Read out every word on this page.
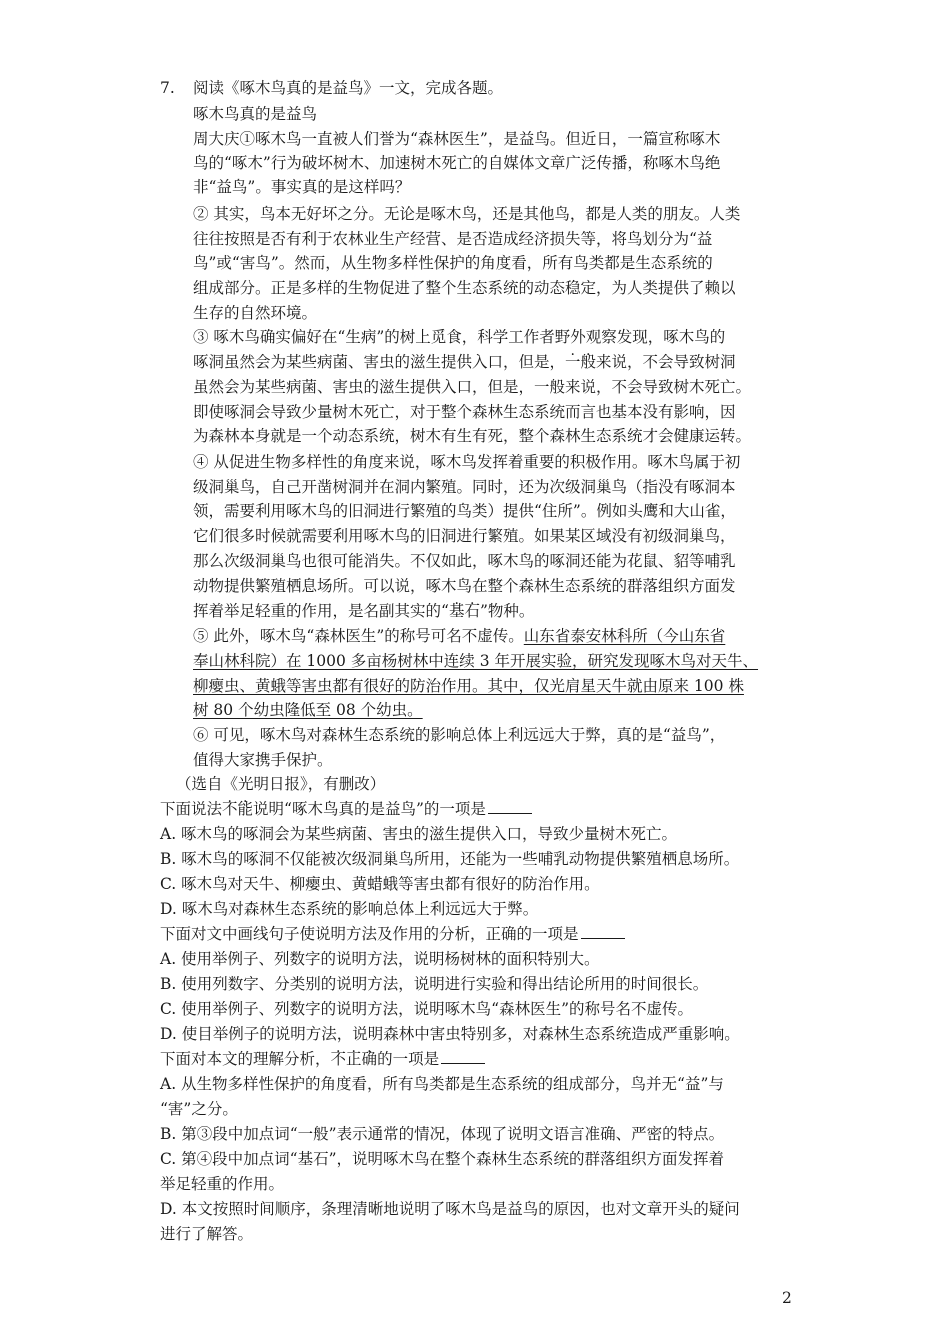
7. 阅读《啄木鸟真的是益鸟》一文，完成各题。
啄木鸟真的是益鸟
周大庆①啄木鸟一直被人们誉为“森林医生”，是益鸟。但近日，一篇宣称啄木
鸟的“啄木”行为破坏树木、加速树木死亡的自媒体文章广泛传播，称啄木鸟绝
非“益鸟”。事实真的是这样吗？
② 其实，鸟本无好坏之分。无论是啄木鸟，还是其他鸟，都是人类的朋友。人类
往往按照是否有利于农林业生产经营、是否造成经济损失等，将鸟划分为“益
鸟”或“害鸟”。然而，从生物多样性保护的角度看，所有鸟类都是生态系统的
组成部分。正是多样的生物促进了整个生态系统的动态稳定，为人类提供了赖以
生存的自然环境。
③ 啄木鸟确实偏好在“生病”的树上觅食，科学工作者野外观察发现，啄木鸟的
啄洞虽然会为某些病菌、害虫的滋生提供入口，但是，一般来说，不会导致树洞
虽然会为某些病菌、害虫的滋生提供入口，但是，一般来说，不会导致树木死亡。
即使啄洞会导致少量树木死亡，对于整个森林生态系统而言也基本没有影响，因
为森林本身就是一个动态系统，树木有生有死，整个森林生态系统才会健康运转。
④ 从促进生物多样性的角度来说，啄木鸟发挥着重要的积极作用。啄木鸟属于初
级洞巢鸟，自己开凿树洞并在洞内繁殖。同时，还为次级洞巢鸟（指没有啄洞本
领，需要利用啄木鸟的旧洞进行繁殖的鸟类）提供“住所”。例如头鹰和大山雀，
它们很多时候就需要利用啄木鸟的旧洞进行繁殖。如果某区域没有初级洞巢鸟，
那么次级洞巢鸟也很可能消失。不仅如此，啄木鸟的啄洞还能为花鼠、貂等哺乳
动物提供繁殖栖息场所。可以说，啄木鸟在整个森林生态系统的群落组织方面发
挥着举足轻重的作用，是名副其实的“基石”物种。
⑤ 此外，啄木鸟“森林医生”的称号可名不虚传。山东省泰安林科所（今山东省
奉山林科院）在 1000 多亩杨树林中连续 3 年开展实验，研究发现啄木鸟对天牛、
柳瘿虫、黄蛾等害虫都有很好的防治作用。其中，仅光肩星天牛就由原来 100 株
树 80 个幼虫隆低至 08 个幼虫。
⑥ 可见，啄木鸟对森林生态系统的影响总体上利远远大于弊，真的是“益鸟”，
值得大家携手保护。
（选自《光明日报》，有删改）
下面说法不能说明“啄木鸟真的是益鸟”的一项是
A. 啄木鸟的啄洞会为某些病菌、害虫的滋生提供入口，导致少量树木死亡。
B. 啄木鸟的啄洞不仅能被次级洞巢鸟所用，还能为一些哺乳动物提供繁殖栖息场所。
C. 啄木鸟对天牛、柳瘿虫、黄蜡蛾等害虫都有很好的防治作用。
D. 啄木鸟对森林生态系统的影响总体上利远远大于弊。
下面对文中画线句子使说明方法及作用的分析，正确的一项是
A. 使用举例子、列数字的说明方法，说明杨树林的面积特别大。
B. 使用列数字、分类别的说明方法，说明进行实验和得出结论所用的时间很长。
C. 使用举例子、列数字的说明方法，说明啄木鸟“森林医生”的称号名不虚传。
D. 使目举例子的说明方法，说明森林中害虫特别多，对森林生态系统造成严重影响。
下面对本文的理解分析，不正确的一项是
A. 从生物多样性保护的角度看，所有鸟类都是生态系统的组成部分，鸟并无“益”与
“害”之分。
B. 第③段中加点词“一般”表示通常的情况，体现了说明文语言准确、严密的特点。
C. 第④段中加点词“基石”，说明啄木鸟在整个森林生态系统的群落组织方面发挥着
举足轻重的作用。
D. 本文按照时间顺序，条理清晰地说明了啄木鸟是益鸟的原因，也对文章开头的疑问
进行了解答。
2
